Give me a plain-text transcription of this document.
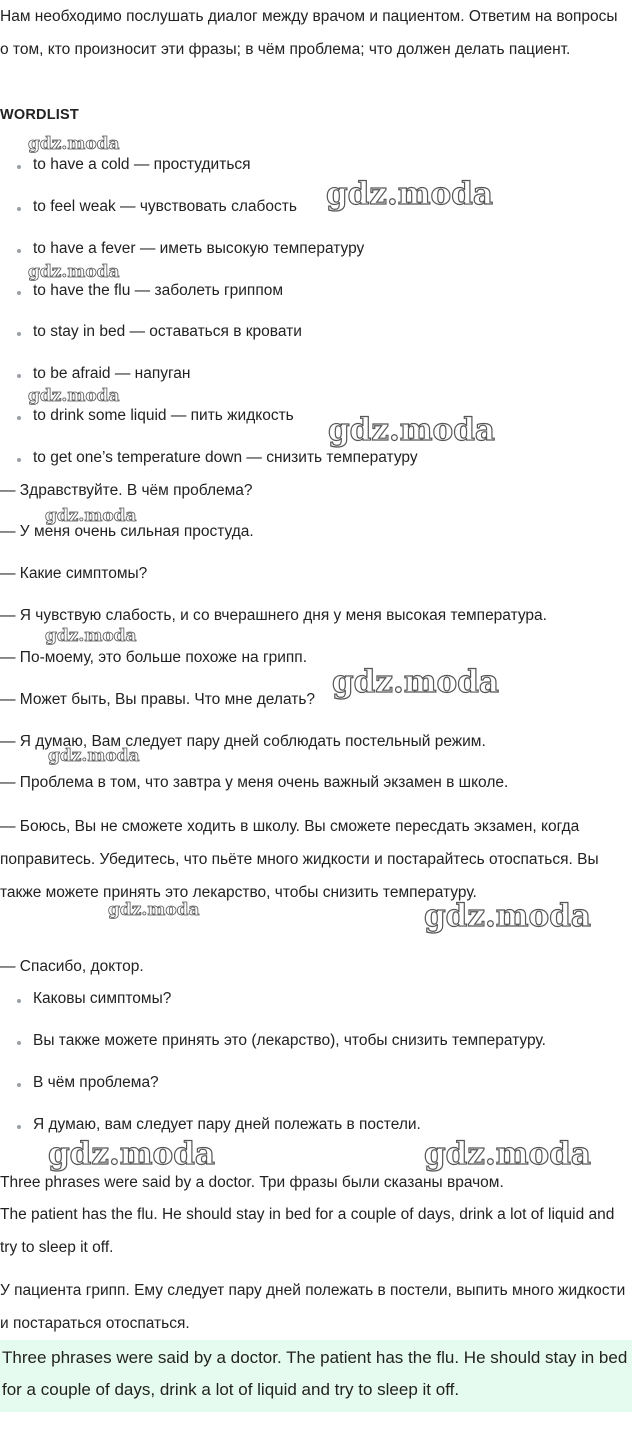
Нам необходимо послушать диалог между врачом и пациентом. Ответим на вопросы о том, кто произносит эти фразы; в чём проблема; что должен делать пациент.

WORDLIST
to have a cold — простудиться
to feel weak — чувствовать слабость
to have a fever — иметь высокую температуру
to have the flu — заболеть гриппом
to stay in bed — оставаться в кровати
to be afraid — напуган
to drink some liquid — пить жидкость
to get one’s temperature down — снизить температуру
— Здравствуйте. В чём проблема?
— У меня очень сильная простуда.
— Какие симптомы?
— Я чувствую слабость, и со вчерашнего дня у меня высокая температура.
— По-моему, это больше похоже на грипп.
— Может быть, Вы правы. Что мне делать?
— Я думаю, Вам следует пару дней соблюдать постельный режим.
— Проблема в том, что завтра у меня очень важный экзамен в школе.

— Боюсь, Вы не сможете ходить в школу. Вы сможете пересдать экзамен, когда поправитесь. Убедитесь, что пьёте много жидкости и постарайтесь отоспаться. Вы также можете принять это лекарство, чтобы снизить температуру.

— Спасибо, доктор.
Каковы симптомы?
Вы также можете принять это (лекарство), чтобы снизить температуру.
В чём проблема?
Я думаю, вам следует пару дней полежать в постели.
Three phrases were said by a doctor. Три фразы были сказаны врачом.

The patient has the flu. He should stay in bed for a couple of days, drink a lot of liquid and try to sleep it off.

У пациента грипп. Ему следует пару дней полежать в постели, выпить много жидкости и постараться отоспаться.

Three phrases were said by a doctor. The patient has the flu. He should stay in bed for a couple of days, drink a lot of liquid and try to sleep it off.
gdz.moda
gdz.moda
gdz.moda
gdz.moda
gdz.moda
gdz.moda
gdz.moda
gdz.moda
gdz.moda
gdz.moda	gdz.moda
gdz.moda	gdz.moda
